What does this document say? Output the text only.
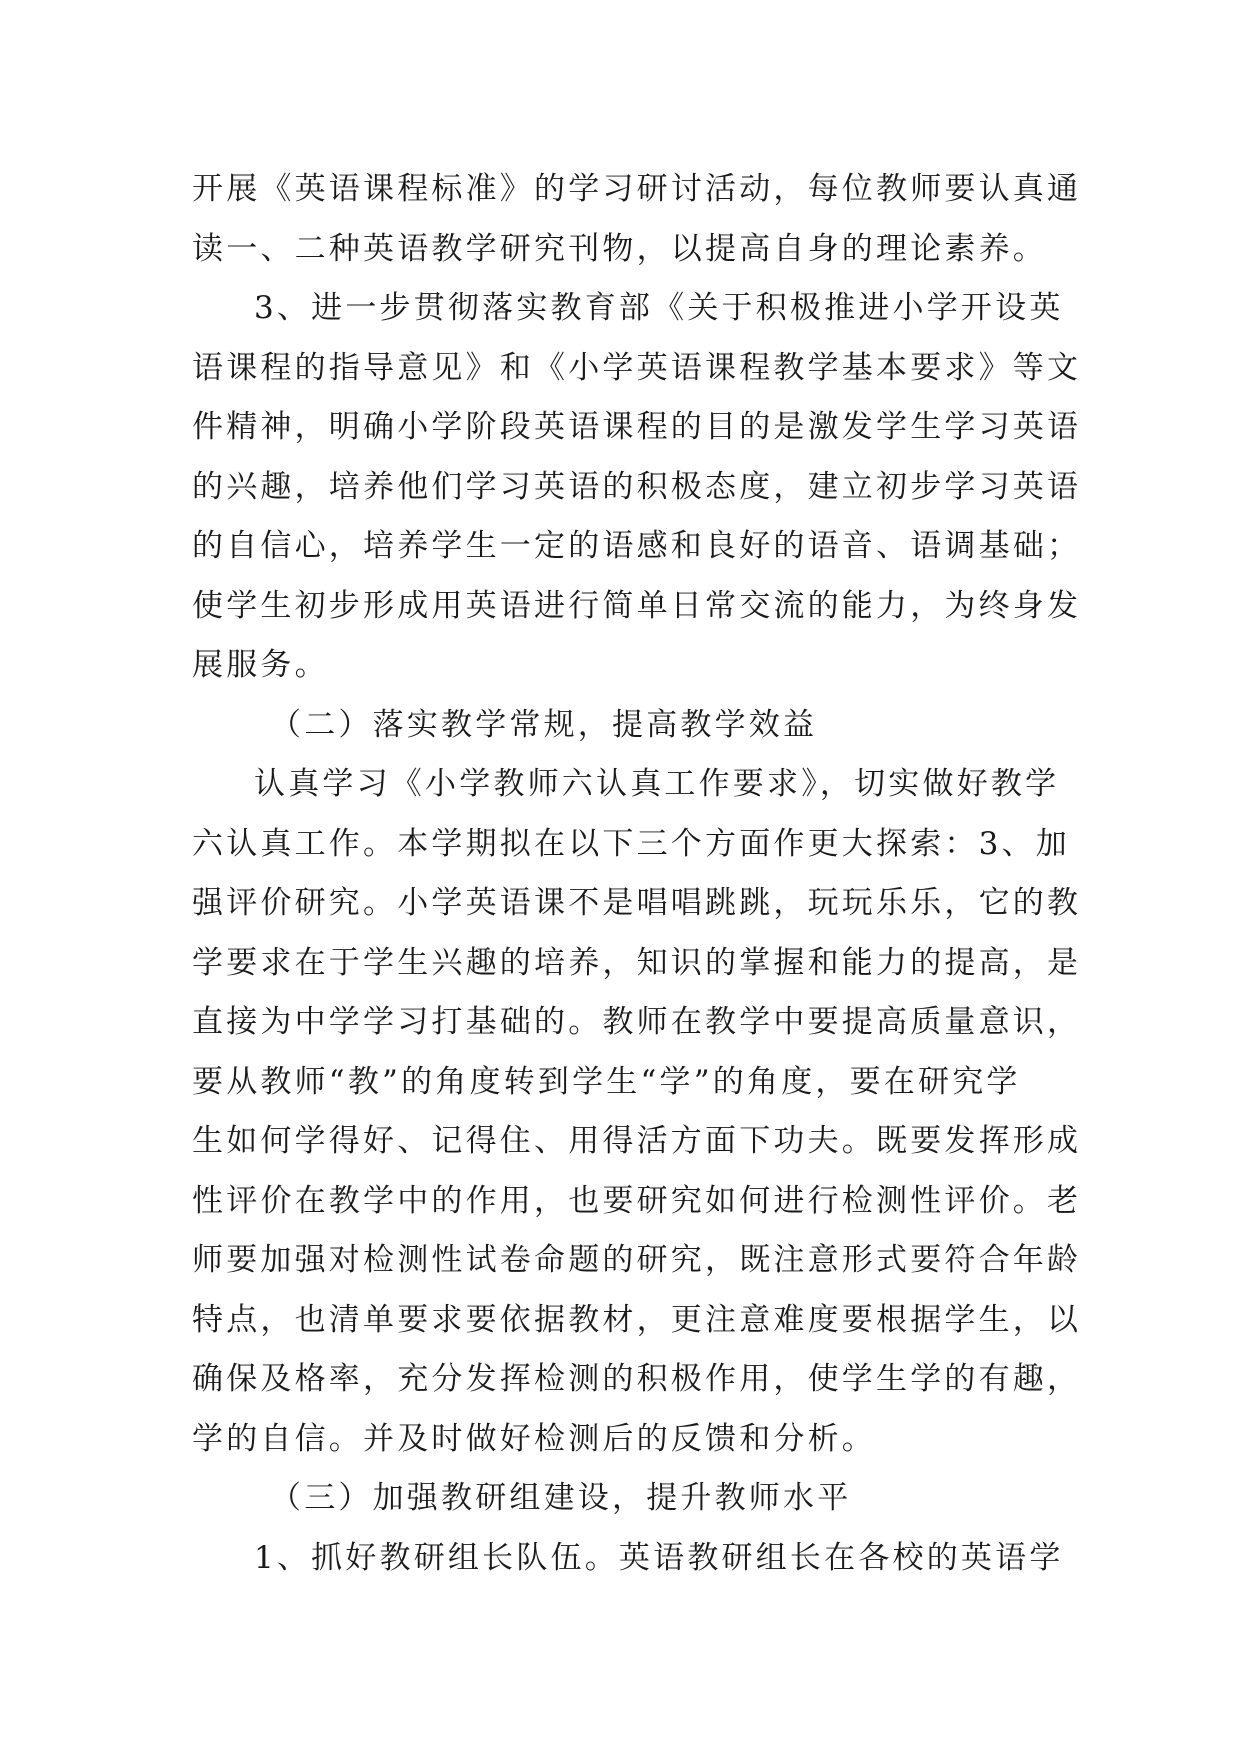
开展《英语课程标准》的学习研讨活动，每位教师要认真通
读一、二种英语教学研究刊物，以提高自身的理论素养。
3、进一步贯彻落实教育部《关于积极推进小学开设英
语课程的指导意见》和《小学英语课程教学基本要求》等文
件精神，明确小学阶段英语课程的目的是激发学生学习英语
的兴趣，培养他们学习英语的积极态度，建立初步学习英语
的自信心，培养学生一定的语感和良好的语音、语调基础；
使学生初步形成用英语进行简单日常交流的能力，为终身发
展服务。
（二）落实教学常规，提高教学效益
认真学习《小学教师六认真工作要求》，切实做好教学
六认真工作。本学期拟在以下三个方面作更大探索：3、加
强评价研究。小学英语课不是唱唱跳跳，玩玩乐乐，它的教
学要求在于学生兴趣的培养，知识的掌握和能力的提高，是
直接为中学学习打基础的。教师在教学中要提高质量意识，
要从教师“教”的角度转到学生“学”的角度，要在研究学
生如何学得好、记得住、用得活方面下功夫。既要发挥形成
性评价在教学中的作用，也要研究如何进行检测性评价。老
师要加强对检测性试卷命题的研究，既注意形式要符合年龄
特点，也清单要求要依据教材，更注意难度要根据学生，以
确保及格率，充分发挥检测的积极作用，使学生学的有趣，
学的自信。并及时做好检测后的反馈和分析。
（三）加强教研组建设，提升教师水平
1、抓好教研组长队伍。英语教研组长在各校的英语学
